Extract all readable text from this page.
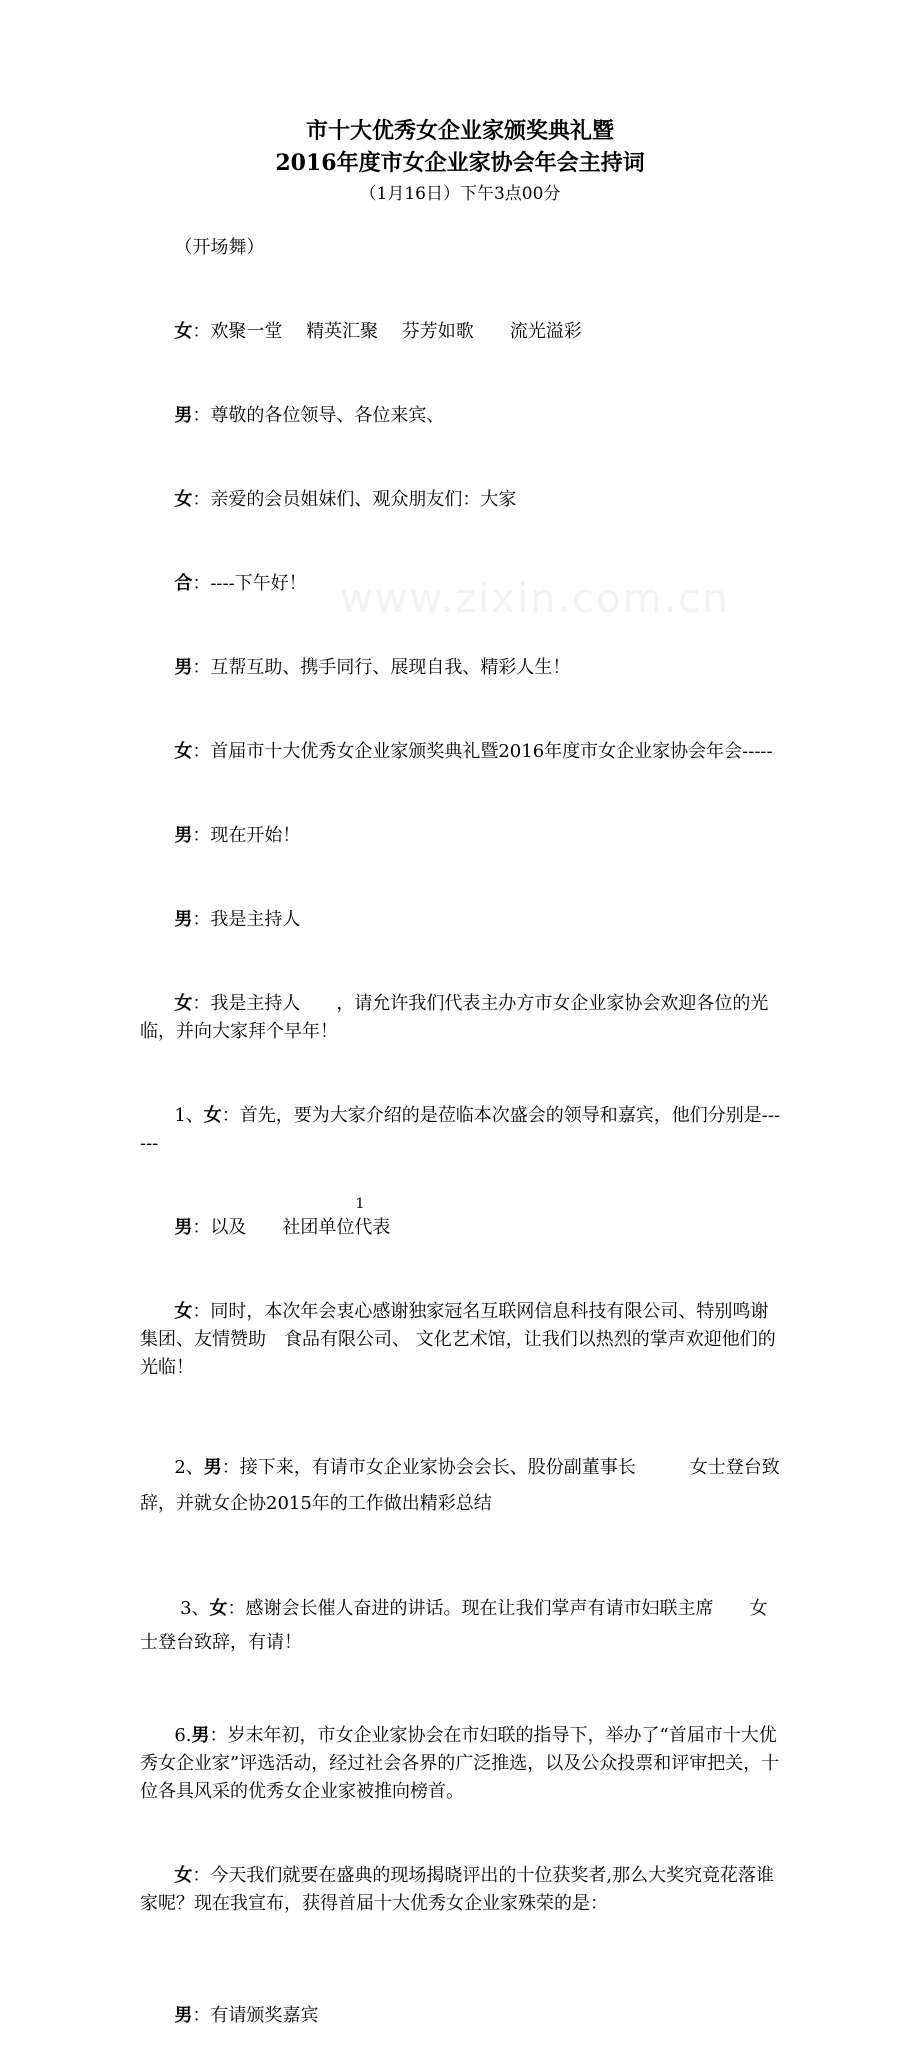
市十大优秀女企业家颁奖典礼暨
2016年度市女企业家协会年会主持词
（1月16日）下午3点00分
www.zixin.com.cn

（开场舞）

女：欢聚一堂　 精英汇聚　 芬芳如歌　　流光溢彩

男：尊敬的各位领导、各位来宾、

女：亲爱的会员姐妹们、观众朋友们：大家

合：----下午好！

男：互帮互助、携手同行、展现自我、精彩人生！

女：首届市十大优秀女企业家颁奖典礼暨2016年度市女企业家协会年会-----

男：现在开始！

男：我是主持人

女：我是主持人　　，请允许我们代表主办方市女企业家协会欢迎各位的光临，并向大家拜个早年！

1、女：首先，要为大家介绍的是莅临本次盛会的领导和嘉宾，他们分别是------

男：以及　　社团单位代表

女：同时，本次年会衷心感谢独家冠名互联网信息科技有限公司、特别鸣谢　集团、友情赞助　食品有限公司、 文化艺术馆，让我们以热烈的掌声欢迎他们的光临！

2、男：接下来，有请市女企业家协会会长、股份副董事长　　　女士登台致辞，并就女企协2015年的工作做出精彩总结

3、女：感谢会长催人奋进的讲话。现在让我们掌声有请市妇联主席　　女士登台致辞，有请！

6.男：岁末年初，市女企业家协会在市妇联的指导下，举办了“首届市十大优秀女企业家”评选活动，经过社会各界的广泛推选，以及公众投票和评审把关，十位各具风采的优秀女企业家被推向榜首。

女：今天我们就要在盛典的现场揭晓评出的十位获奖者,那么大奖究竟花落谁家呢？现在我宣布，获得首届十大优秀女企业家殊荣的是：

男：有请颁奖嘉宾

1
